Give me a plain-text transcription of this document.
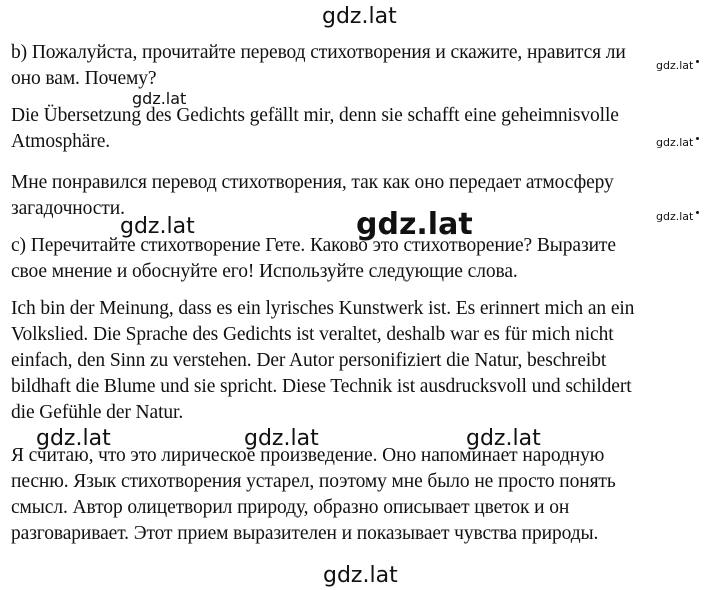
gdz.lat
gdz.lat
gdz.lat
gdz.lat
gdz.lat
gdz.lat
gdz.lat	gdz.lat	gdz.lat
gdz.lat
b) Пожалуйста, прочитайте перевод стихотворения и скажите, нравится ли
оно вам. Почему?
Die Übersetzung des Gedichts gefällt mir, denn sie schafft eine geheimnisvolle
Atmosphäre.
Мне понравился перевод стихотворения, так как оно передает атмосферу
загадочности.
c) Перечитайте стихотворение Гете. Каково это стихотворение? Выразите
свое мнение и обоснуйте его! Используйте следующие слова.
Ich bin der Meinung, dass es ein lyrisches Kunstwerk ist. Es erinnert mich an ein
Volkslied. Die Sprache des Gedichts ist veraltet, deshalb war es für mich nicht
einfach, den Sinn zu verstehen. Der Autor personifiziert die Natur, beschreibt
bildhaft die Blume und sie spricht. Diese Technik ist ausdrucksvoll und schildert
die Gefühle der Natur.
Я считаю, что это лирическое произведение. Оно напоминает народную
песню. Язык стихотворения устарел, поэтому мне было не просто понять
смысл. Автор олицетворил природу, образно описывает цветок и он
разговаривает. Этот прием выразителен и показывает чувства природы.
gdz.lat
